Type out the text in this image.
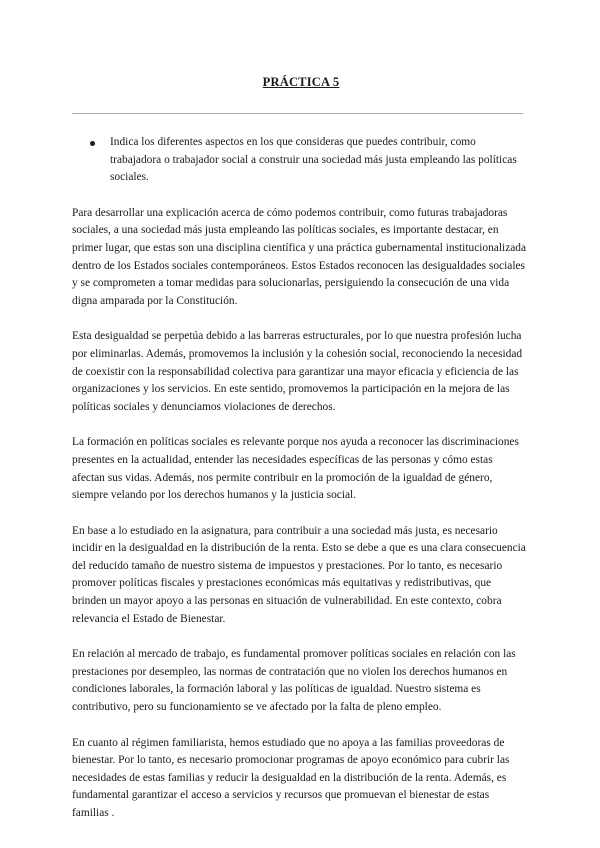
PRÁCTICA 5
Indica los diferentes aspectos en los que consideras que puedes contribuir, como trabajadora o trabajador social a construir una sociedad más justa empleando las políticas sociales.

Para desarrollar una explicación acerca de cómo podemos contribuir, como futuras trabajadoras sociales, a una sociedad más justa empleando las políticas sociales, es importante destacar, en primer lugar, que estas son una disciplina científica y una práctica gubernamental institucionalizada dentro de los Estados sociales contemporáneos. Estos Estados reconocen las desigualdades sociales y se comprometen a tomar medidas para solucionarlas, persiguiendo la consecución de una vida digna amparada por la Constitución.

Esta desigualdad se perpetúa debido a las barreras estructurales, por lo que nuestra profesión lucha por eliminarlas. Además, promovemos la inclusión y la cohesión social, reconociendo la necesidad de coexistir con la responsabilidad colectiva para garantizar una mayor eficacia y eficiencia de las organizaciones y los servicios. En este sentido, promovemos la participación en la mejora de las políticas sociales y denunciamos violaciones de derechos.

La formación en políticas sociales es relevante porque nos ayuda a reconocer las discriminaciones presentes en la actualidad, entender las necesidades específicas de las personas y cómo estas afectan sus vidas. Además, nos permite contribuir en la promoción de la igualdad de género, siempre velando por los derechos humanos y la justicia social.

En base a lo estudiado en la asignatura, para contribuir a una sociedad más justa, es necesario incidir en la desigualdad en la distribución de la renta. Esto se debe a que es una clara consecuencia del reducido tamaño de nuestro sistema de impuestos y prestaciones. Por lo tanto, es necesario promover políticas fiscales y prestaciones económicas más equitativas y redistributivas, que brinden un mayor apoyo a las personas en situación de vulnerabilidad. En este contexto, cobra relevancia el Estado de Bienestar.

En relación al mercado de trabajo, es fundamental promover políticas sociales en relación con las prestaciones por desempleo, las normas de contratación que no violen los derechos humanos en condiciones laborales, la formación laboral y las políticas de igualdad. Nuestro sistema es contributivo, pero su funcionamiento se ve afectado por la falta de pleno empleo.

En cuanto al régimen familiarista, hemos estudiado que no apoya a las familias proveedoras de bienestar. Por lo tanto, es necesario promocionar programas de apoyo económico para cubrir las necesidades de estas familias y reducir la desigualdad en la distribución de la renta. Además, es fundamental garantizar el acceso a servicios y recursos que promuevan el bienestar de estas familias .
